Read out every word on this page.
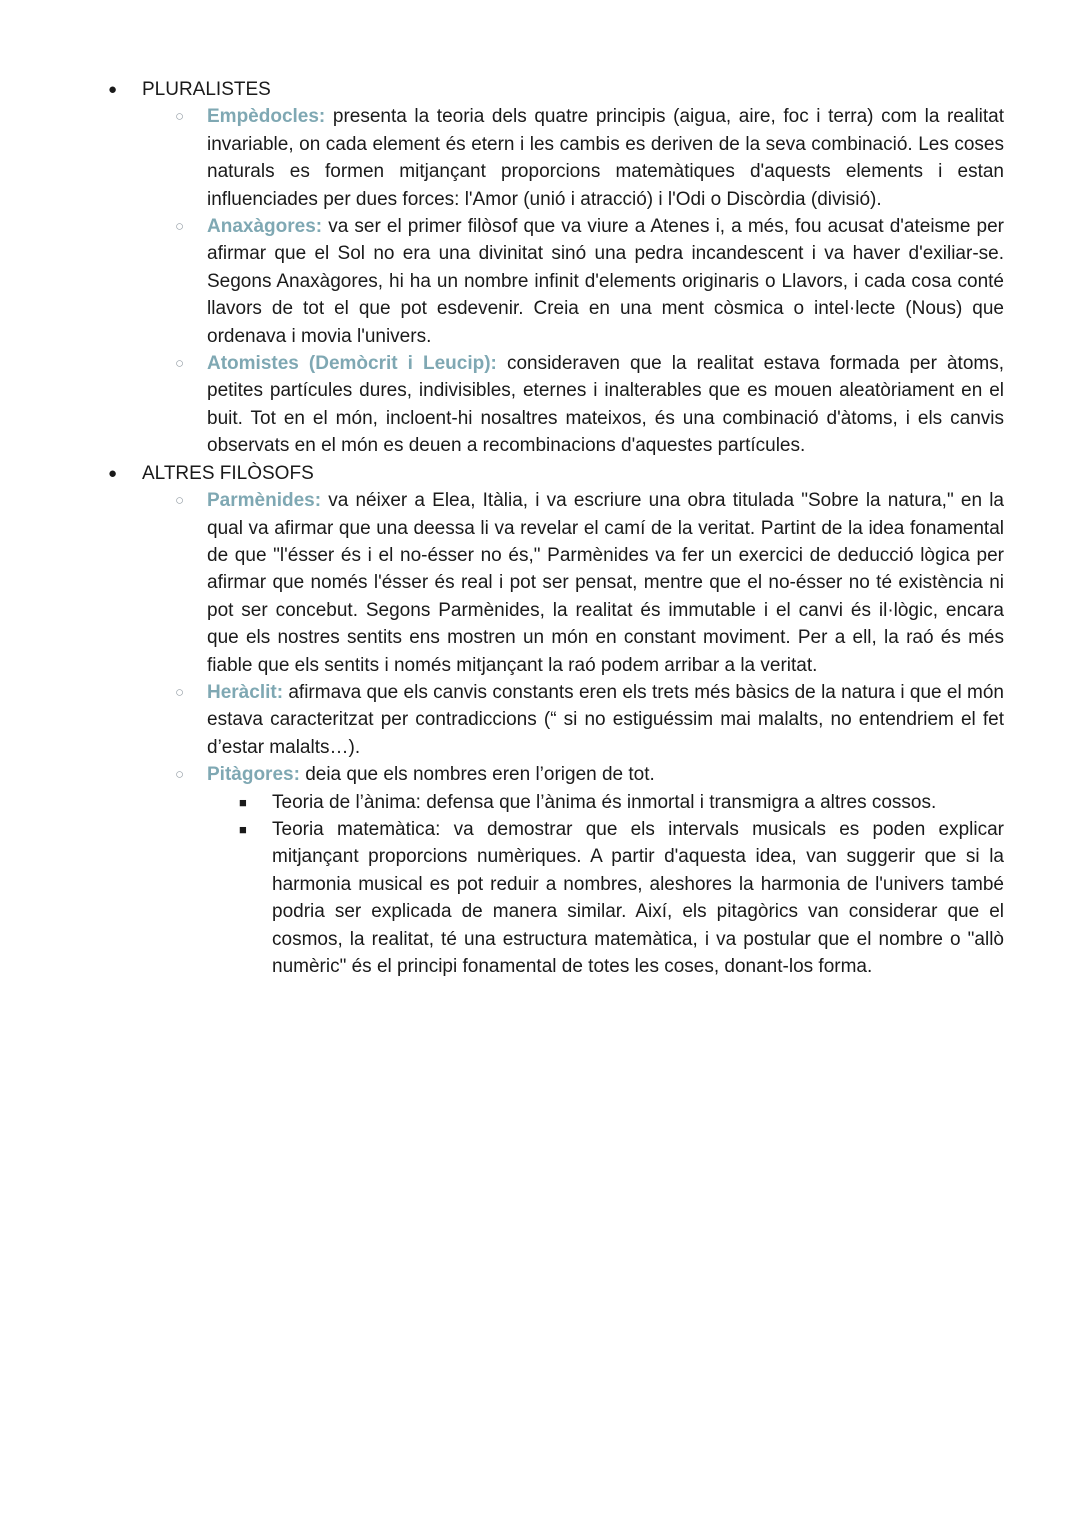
●	PLURALISTES
○	Empèdocles: presenta la teoria dels quatre principis (aigua, aire, foc i terra) com la realitat invariable, on cada element és etern i les cambis es deriven de la seva combinació. Les coses naturals es formen mitjançant proporcions matemàtiques d'aquests elements i estan influenciades per dues forces: l'Amor (unió i atracció) i l'Odi o Discòrdia (divisió).
○	Anaxàgores: va ser el primer filòsof que va viure a Atenes i, a més, fou acusat d'ateisme per afirmar que el Sol no era una divinitat sinó una pedra incandescent i va haver d'exiliar-se. Segons Anaxàgores, hi ha un nombre infinit d'elements originaris o Llavors, i cada cosa conté llavors de tot el que pot esdevenir. Creia en una ment còsmica o intel·lecte (Nous) que ordenava i movia l'univers.
○	Atomistes (Demòcrit i Leucip): consideraven que la realitat estava formada per àtoms, petites partícules dures, indivisibles, eternes i inalterables que es mouen aleatòriament en el buit. Tot en el món, incloent-hi nosaltres mateixos, és una combinació d'àtoms, i els canvis observats en el món es deuen a recombinacions d'aquestes partícules.
●	ALTRES FILÒSOFS
○	Parmènides: va néixer a Elea, Itàlia, i va escriure una obra titulada "Sobre la natura," en la qual va afirmar que una deessa li va revelar el camí de la veritat. Partint de la idea fonamental de que "l'ésser és i el no-ésser no és," Parmènides va fer un exercici de deducció lògica per afirmar que només l'ésser és real i pot ser pensat, mentre que el no-ésser no té existència ni pot ser concebut. Segons Parmènides, la realitat és immutable i el canvi és il·lògic, encara que els nostres sentits ens mostren un món en constant moviment. Per a ell, la raó és més fiable que els sentits i només mitjançant la raó podem arribar a la veritat.
○	Heràclit: afirmava que els canvis constants eren els trets més bàsics de la natura i que el món estava caracteritzat per contradiccions (“ si no estiguéssim mai malalts, no entendriem el fet d’estar malalts…).
○	Pitàgores: deia que els nombres eren l’origen de tot.
■	Teoria de l’ànima: defensa que l’ànima és inmortal i transmigra a altres cossos.
■	Teoria matemàtica: va demostrar que els intervals musicals es poden explicar mitjançant proporcions numèriques. A partir d'aquesta idea, van suggerir que si la harmonia musical es pot reduir a nombres, aleshores la harmonia de l'univers també podria ser explicada de manera similar. Així, els pitagòrics van considerar que el cosmos, la realitat, té una estructura matemàtica, i va postular que el nombre o "allò numèric" és el principi fonamental de totes les coses, donant-los forma.
